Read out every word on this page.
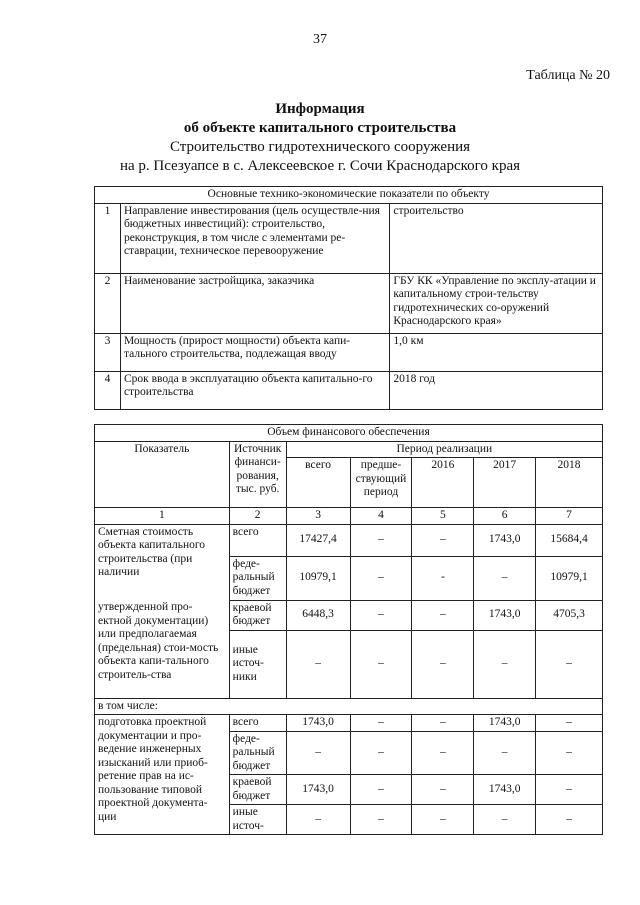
37
Таблица № 20
Информация
об объекте капитального строительства
Строительство гидротехнического сооружения
на р. Псезуапсе в с. Алексеевское г. Сочи Краснодарского края
Основные технико-экономические показатели по объекту		
1	Направление инвестирования (цель осуществле-ния бюджетных инвестиций): строительство, реконструкция, в том числе с элементами ре-ставрации, техническое перевооружение	строительство
2	Наименование застройщика, заказчика	ГБУ КК «Управление по эксплу-атации и капитальному строи-тельству гидротехнических со-оружений Краснодарского края»
3	Мощность (прирост мощности) объекта капи-тального строительства, подлежащая вводу	1,0 км
4	Срок ввода в эксплуатацию объекта капитально-го строительства	2018 год
Объем финансового обеспечения						
Показатель	Источник финанси-рования, тыс. руб.	Период реализации				
		всего	предше-ствующий период	2016	2017	2018
1	2	3	4	5	6	7
Сметная стоимость объекта капитального строительства (при наличии	всего	17427,4	–	–	1743,0	15684,4
	феде-ральный бюджет	10979,1	–	-	–	10979,1
утвержденной про-ектной документации) или предполагаемая (предельная) стои-мость объекта капи-тального строитель-ства	краевой бюджет	6448,3	–	–	1743,0	4705,3
	иные источ-ники	–	–	–	–	–
в том числе:						
подготовка проектной документации и про-ведение инженерных изысканий или приоб-ретение прав на ис-пользование типовой проектной документа-ции	всего	1743,0	–	–	1743,0	–
	феде-ральный бюджет	–	–	–	–	–
	краевой бюджет	1743,0	–	–	1743,0	–
	иные источ-	–	–	–	–	–
